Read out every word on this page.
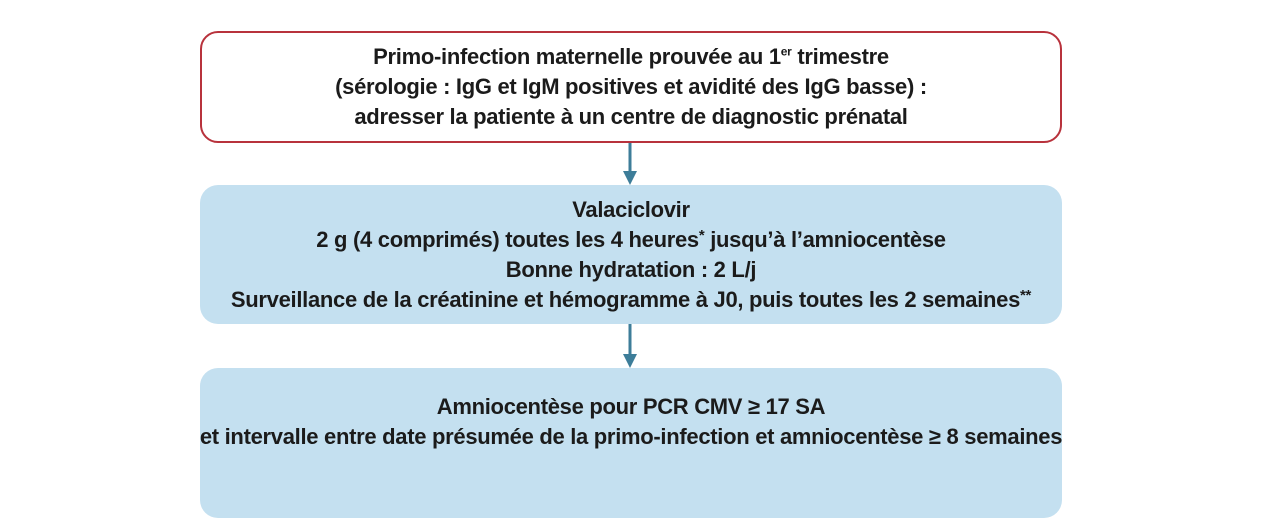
Primo-infection maternelle prouvée au 1er trimestre
(sérologie : IgG et IgM positives et avidité des IgG basse) :
adresser la patiente à un centre de diagnostic prénatal
Valaciclovir
2 g (4 comprimés) toutes les 4 heures* jusqu’à l’amniocentèse
Bonne hydratation : 2 L/j
Surveillance de la créatinine et hémogramme à J0, puis toutes les 2 semaines**
Amniocentèse pour PCR CMV ≥ 17 SA
et intervalle entre date présumée de la primo-infection et amniocentèse ≥ 8 semaines
